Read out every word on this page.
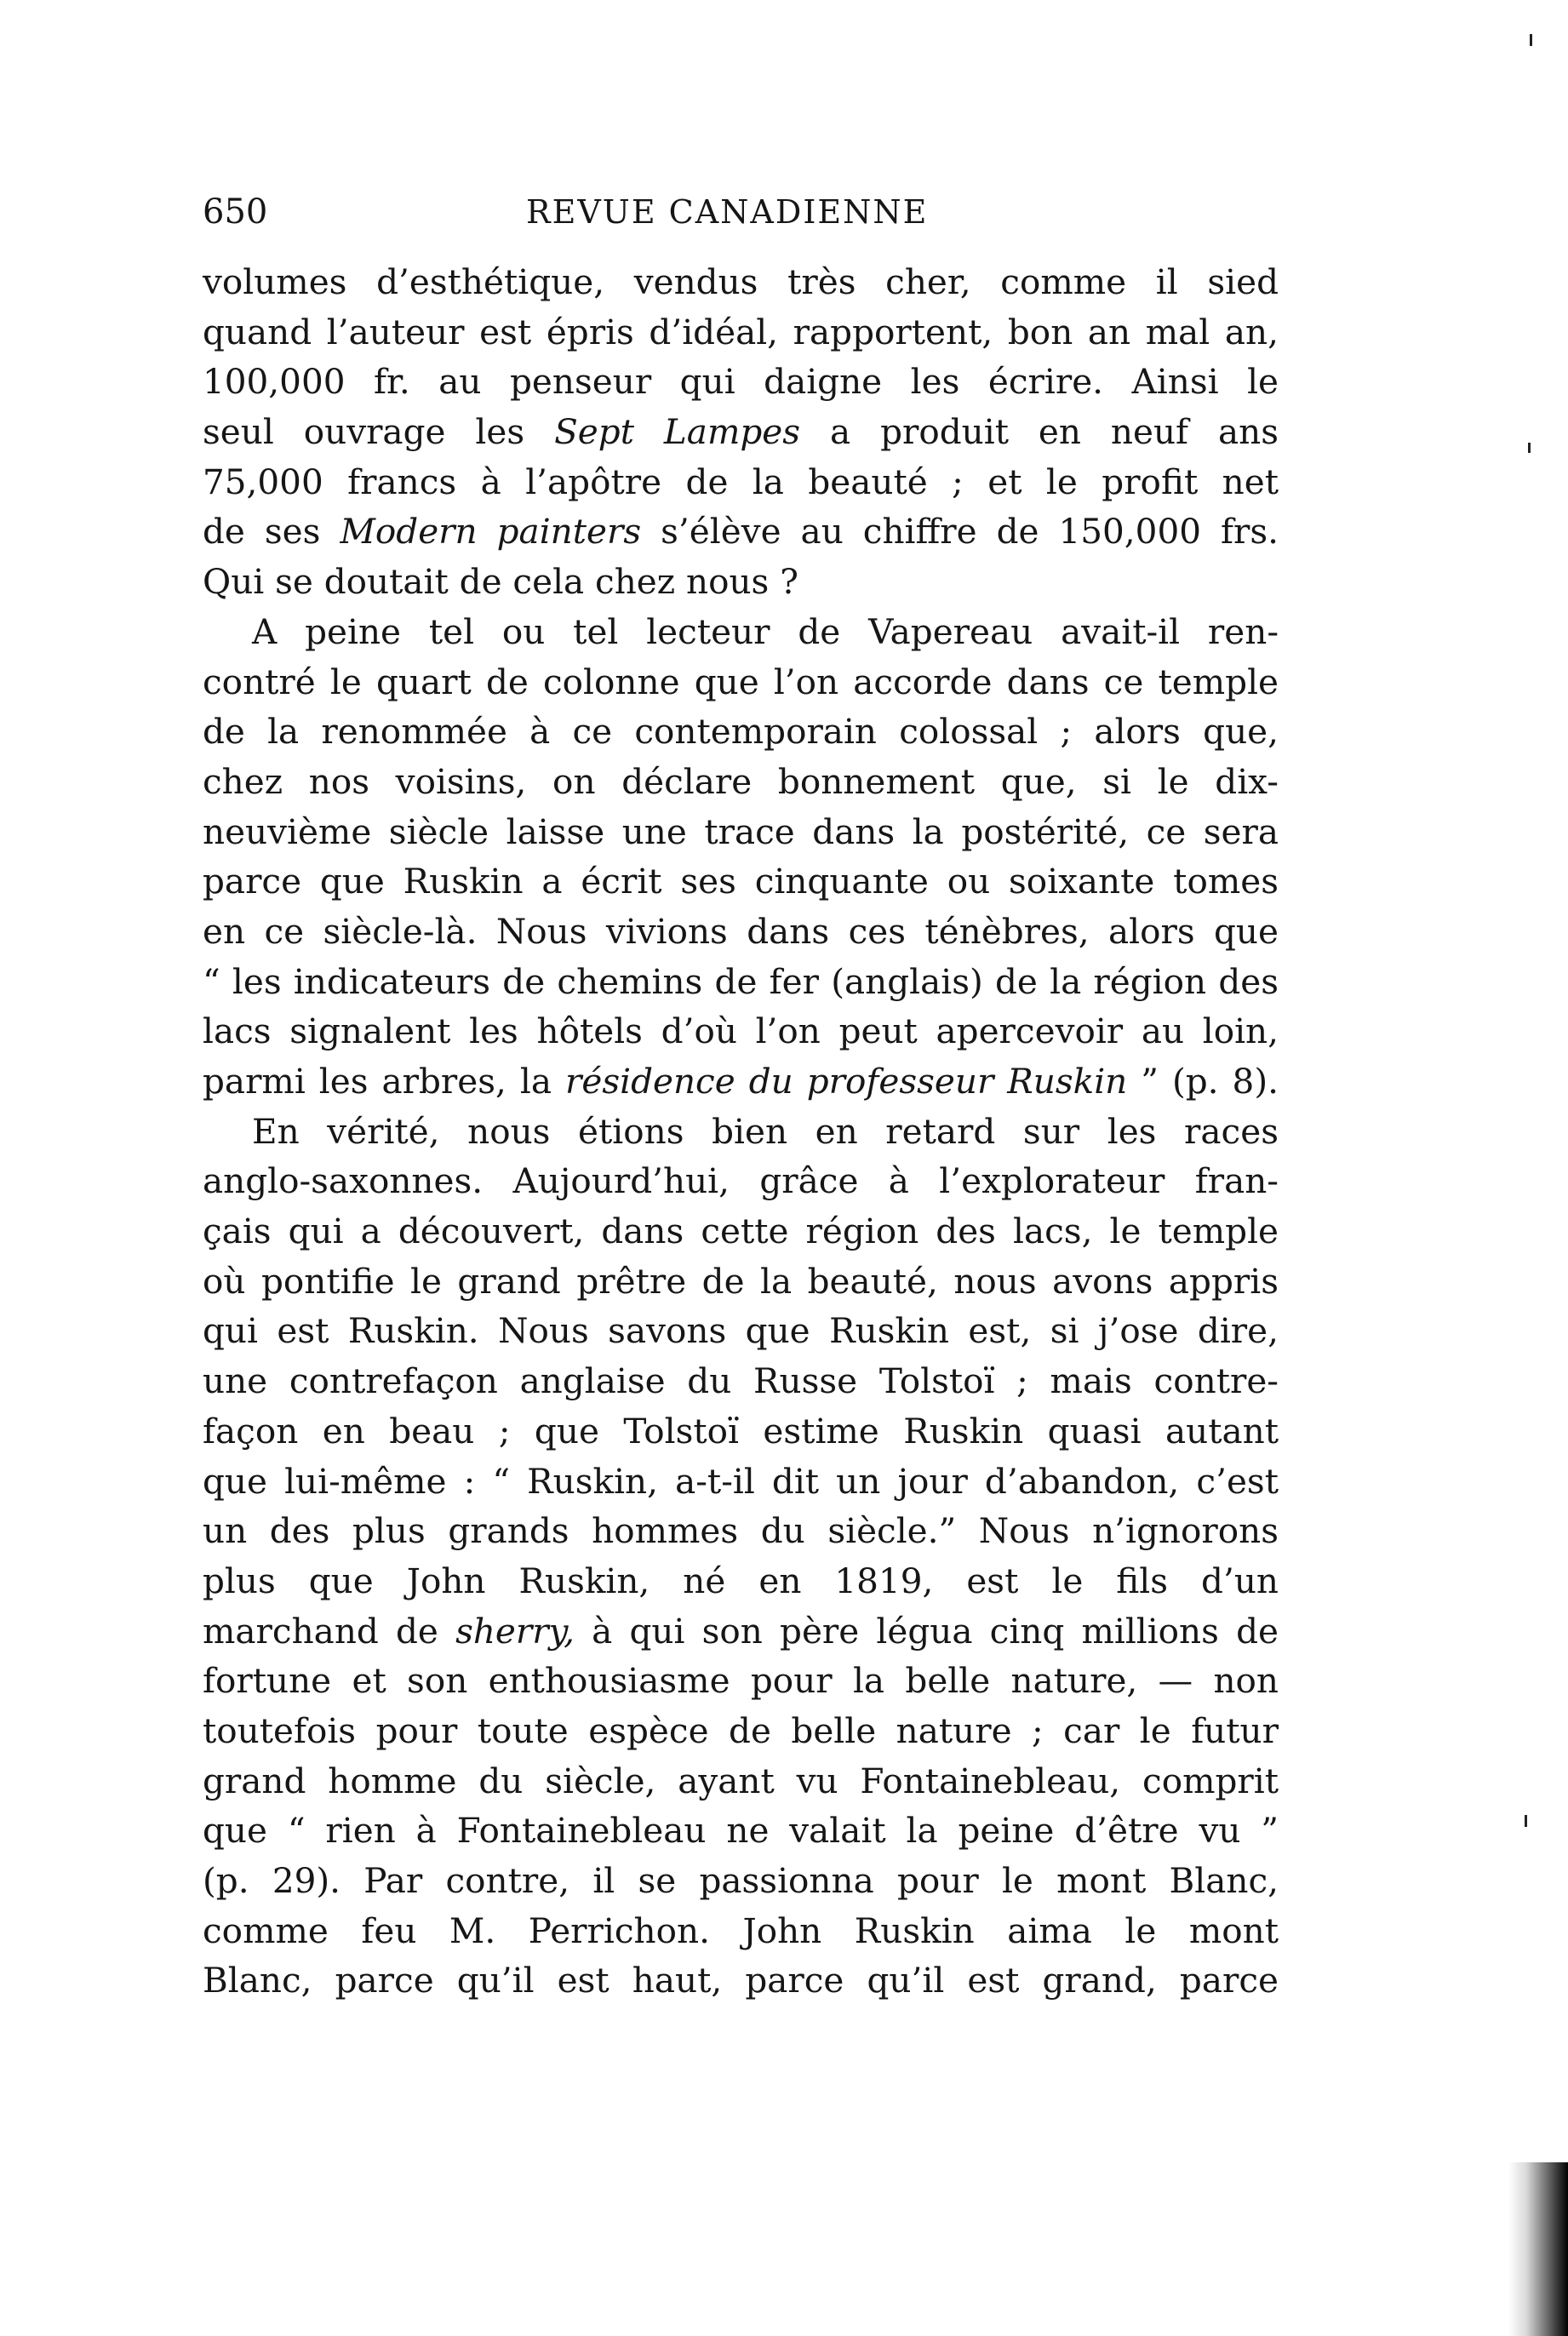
650	REVUE CANADIENNE
volumes d’esthétique, vendus très cher, comme il sied
quand l’auteur est épris d’idéal, rapportent, bon an mal an,
100,000 fr. au penseur qui daigne les écrire. Ainsi le
seul ouvrage les Sept Lampes a produit en neuf ans
75,000 francs à l’apôtre de la beauté ; et le profit net
de ses Modern painters s’élève au chiffre de 150,000 frs.
Qui se doutait de cela chez nous ?
A peine tel ou tel lecteur de Vapereau avait-il ren-
contré le quart de colonne que l’on accorde dans ce temple
de la renommée à ce contemporain colossal ; alors que,
chez nos voisins, on déclare bonnement que, si le dix-
neuvième siècle laisse une trace dans la postérité, ce sera
parce que Ruskin a écrit ses cinquante ou soixante tomes
en ce siècle-là. Nous vivions dans ces ténèbres, alors que
“ les indicateurs de chemins de fer (anglais) de la région des
lacs signalent les hôtels d’où l’on peut apercevoir au loin,
parmi les arbres, la résidence du professeur Ruskin ” (p. 8).
En vérité, nous étions bien en retard sur les races
anglo-saxonnes. Aujourd’hui, grâce à l’explorateur fran-
çais qui a découvert, dans cette région des lacs, le temple
où pontifie le grand prêtre de la beauté, nous avons appris
qui est Ruskin. Nous savons que Ruskin est, si j’ose dire,
une contrefaçon anglaise du Russe Tolstoï ; mais contre-
façon en beau ; que Tolstoï estime Ruskin quasi autant
que lui-même : “ Ruskin, a-t-il dit un jour d’abandon, c’est
un des plus grands hommes du siècle.” Nous n’ignorons
plus que John Ruskin, né en 1819, est le fils d’un
marchand de sherry, à qui son père légua cinq millions de
fortune et son enthousiasme pour la belle nature, — non
toutefois pour toute espèce de belle nature ; car le futur
grand homme du siècle, ayant vu Fontainebleau, comprit
que “ rien à Fontainebleau ne valait la peine d’être vu ”
(p. 29). Par contre, il se passionna pour le mont Blanc,
comme feu M. Perrichon. John Ruskin aima le mont
Blanc, parce qu’il est haut, parce qu’il est grand, parce
